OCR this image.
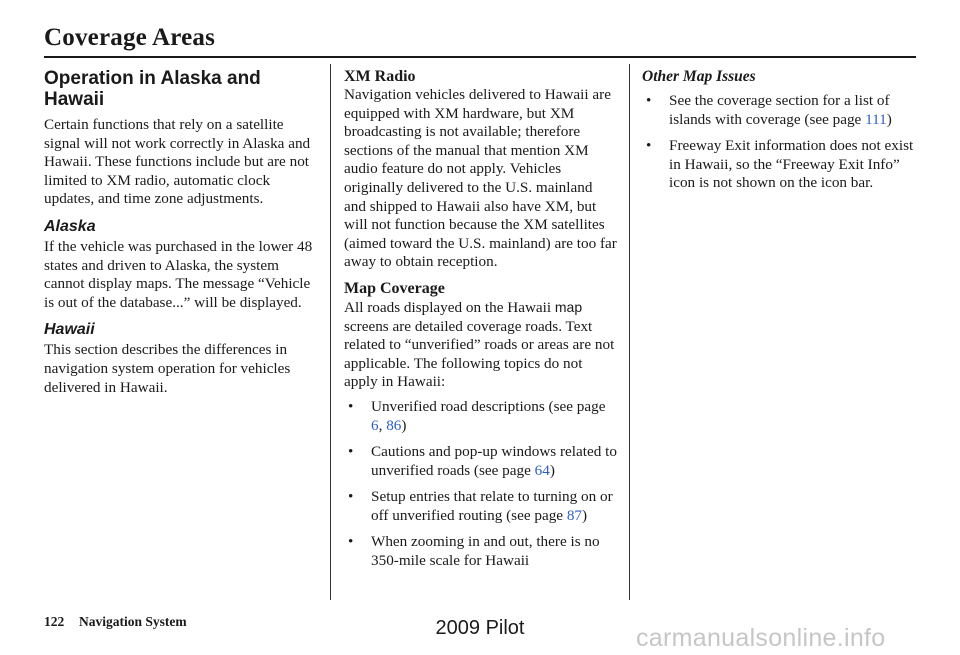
Coverage Areas
Operation in Alaska and Hawaii

Certain functions that rely on a satellite signal will not work correctly in Alaska and Hawaii. These functions include but are not limited to XM radio, automatic clock updates, and time zone adjustments.

Alaska

If the vehicle was purchased in the lower 48 states and driven to Alaska, the system cannot display maps. The message “Vehicle is out of the database...” will be displayed.

Hawaii

This section describes the differences in navigation system operation for vehicles delivered in Hawaii.

XM Radio

Navigation vehicles delivered to Hawaii are equipped with XM hardware, but XM broadcasting is not available; therefore sections of the manual that mention XM audio feature do not apply. Vehicles originally delivered to the U.S. mainland and shipped to Hawaii also have XM, but will not function because the XM satellites (aimed toward the U.S. mainland) are too far away to obtain reception.

Map Coverage

All roads displayed on the Hawaii map screens are detailed coverage roads. Text related to “unverified” roads or areas are not applicable. The following topics do not apply in Hawaii:

• Unverified road descriptions (see page 6, 86)
• Cautions and pop-up windows related to unverified roads (see page 64)
• Setup entries that relate to turning on or off unverified routing (see page 87)
• When zooming in and out, there is no 350-mile scale for Hawaii
Other Map Issues
• See the coverage section for a list of islands with coverage (see page 111)
• Freeway Exit information does not exist in Hawaii, so the “Freeway Exit Info” icon is not shown on the icon bar.
122 Navigation System	2009 Pilot	carmanualsonline.info
